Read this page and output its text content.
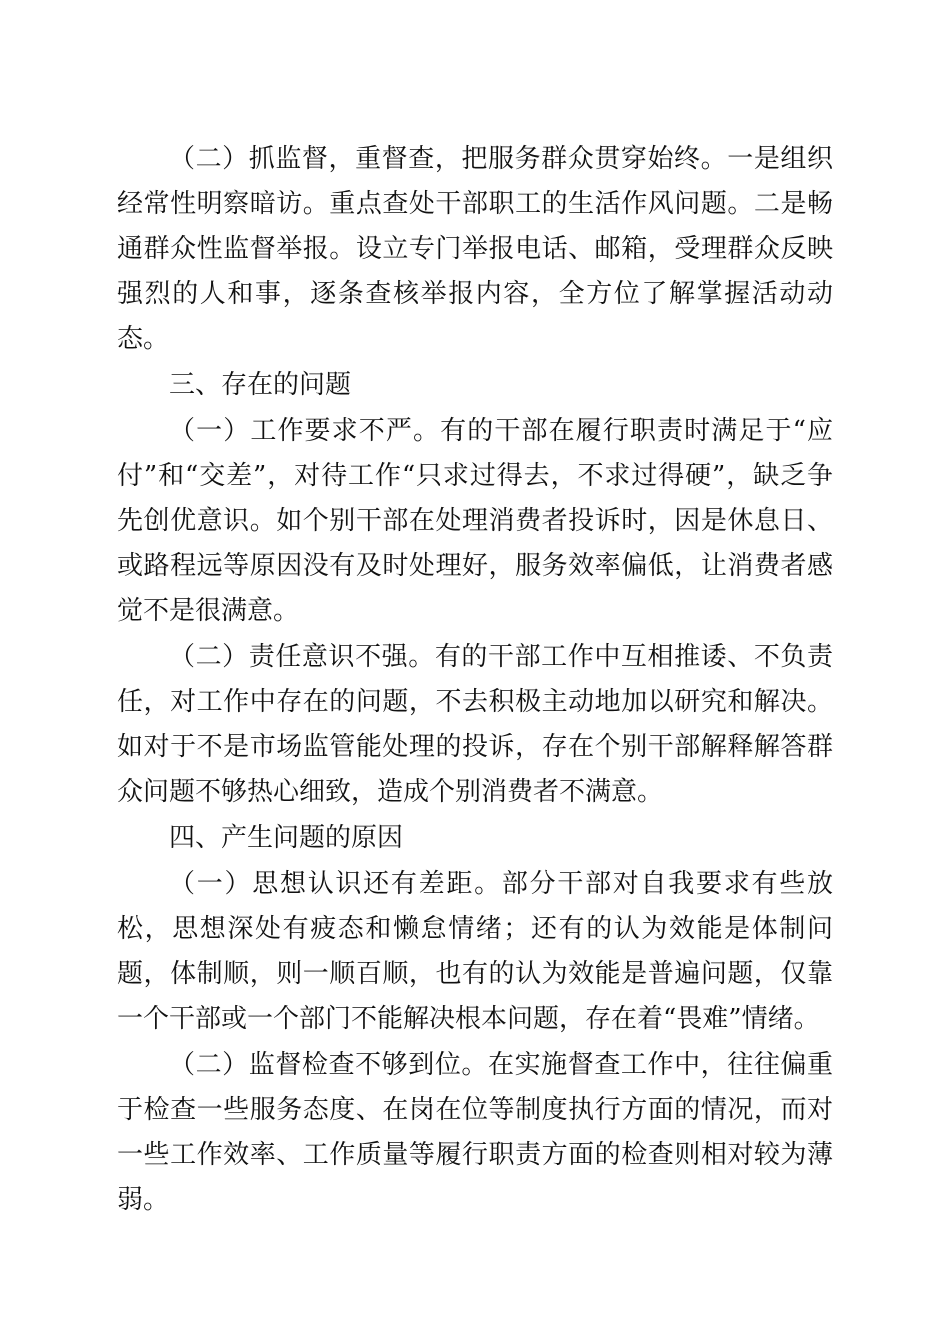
（二）抓监督，重督查，把服务群众贯穿始终。一是组织经常性明察暗访。重点查处干部职工的生活作风问题。二是畅通群众性监督举报。设立专门举报电话、邮箱，受理群众反映强烈的人和事，逐条查核举报内容，全方位了解掌握活动动态。

三、存在的问题

（一）工作要求不严。有的干部在履行职责时满足于“应付”和“交差”，对待工作“只求过得去，不求过得硬”，缺乏争先创优意识。如个别干部在处理消费者投诉时，因是休息日、或路程远等原因没有及时处理好，服务效率偏低，让消费者感觉不是很满意。

（二）责任意识不强。有的干部工作中互相推诿、不负责任，对工作中存在的问题，不去积极主动地加以研究和解决。如对于不是市场监管能处理的投诉，存在个别干部解释解答群众问题不够热心细致，造成个别消费者不满意。

四、产生问题的原因

（一）思想认识还有差距。部分干部对自我要求有些放松，思想深处有疲态和懒怠情绪；还有的认为效能是体制问题，体制顺，则一顺百顺，也有的认为效能是普遍问题，仅靠一个干部或一个部门不能解决根本问题，存在着“畏难”情绪。

（二）监督检查不够到位。在实施督查工作中，往往偏重于检查一些服务态度、在岗在位等制度执行方面的情况，而对一些工作效率、工作质量等履行职责方面的检查则相对较为薄弱。
